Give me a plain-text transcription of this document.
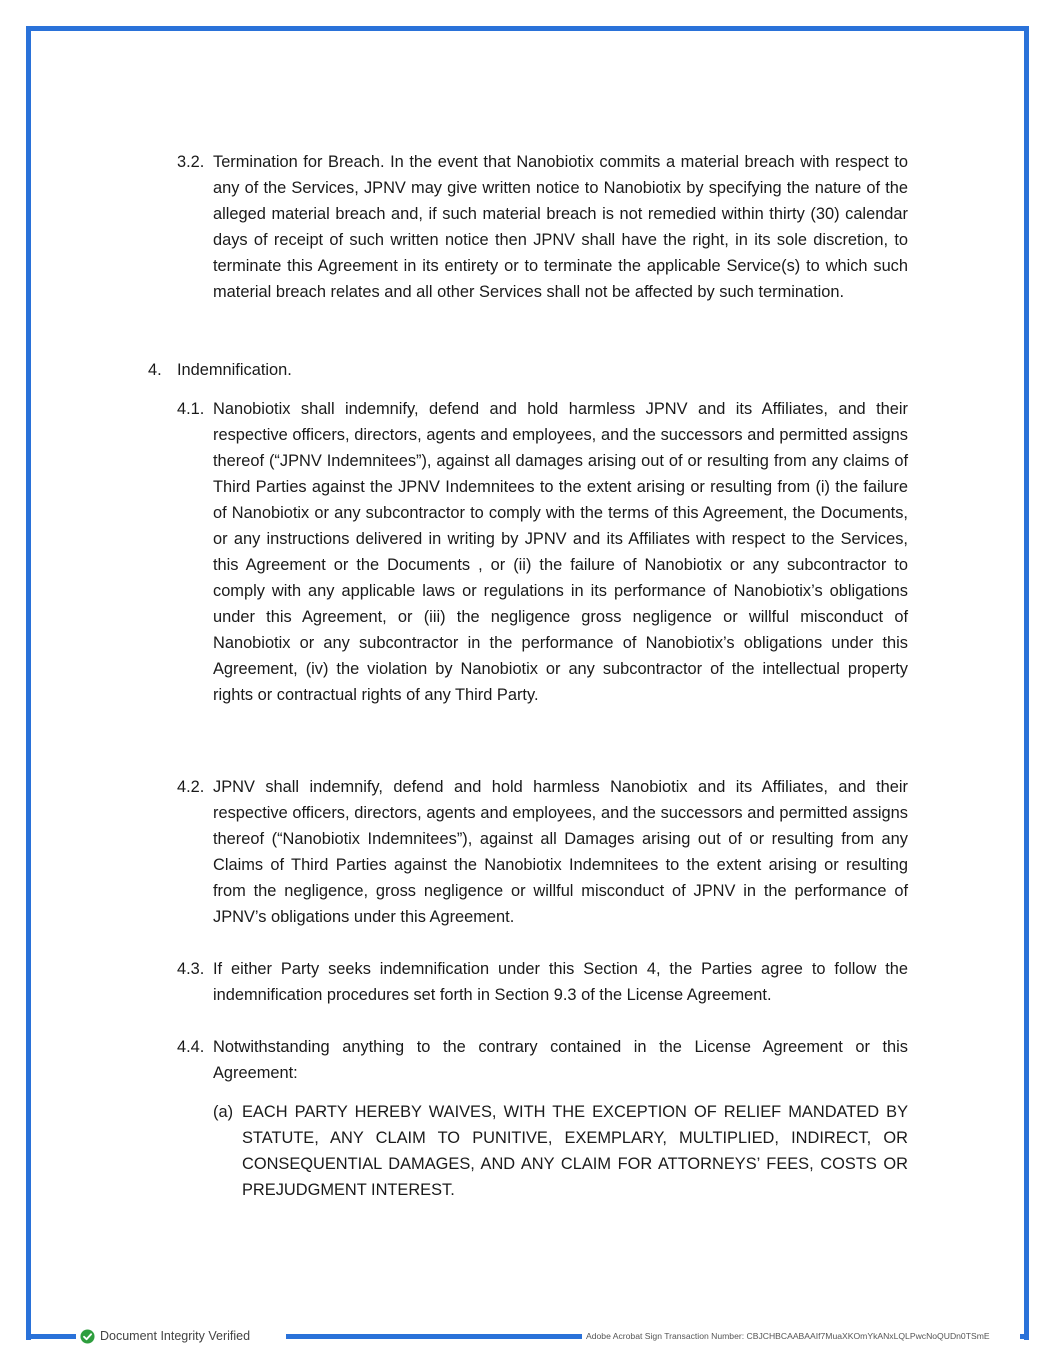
3.2. Termination for Breach. In the event that Nanobiotix commits a material breach with respect to any of the Services, JPNV may give written notice to Nanobiotix by specifying the nature of the alleged material breach and, if such material breach is not remedied within thirty (30) calendar days of receipt of such written notice then JPNV shall have the right, in its sole discretion, to terminate this Agreement in its entirety or to terminate the applicable Service(s) to which such material breach relates and all other Services shall not be affected by such termination.
4. Indemnification.
4.1. Nanobiotix shall indemnify, defend and hold harmless JPNV and its Affiliates, and their respective officers, directors, agents and employees, and the successors and permitted assigns thereof (“JPNV Indemnitees”), against all damages arising out of or resulting from any claims of Third Parties against the JPNV Indemnitees to the extent arising or resulting from (i) the failure of Nanobiotix or any subcontractor to comply with the terms of this Agreement, the Documents, or any instructions delivered in writing by JPNV and its Affiliates with respect to the Services, this Agreement or the Documents , or (ii) the failure of Nanobiotix or any subcontractor to comply with any applicable laws or regulations in its performance of Nanobiotix’s obligations under this Agreement, or (iii) the negligence gross negligence or willful misconduct of Nanobiotix or any subcontractor in the performance of Nanobiotix’s obligations under this Agreement, (iv) the violation by Nanobiotix or any subcontractor of the intellectual property rights or contractual rights of any Third Party.
4.2. JPNV shall indemnify, defend and hold harmless Nanobiotix and its Affiliates, and their respective officers, directors, agents and employees, and the successors and permitted assigns thereof (“Nanobiotix Indemnitees”), against all Damages arising out of or resulting from any Claims of Third Parties against the Nanobiotix Indemnitees to the extent arising or resulting from the negligence, gross negligence or willful misconduct of JPNV in the performance of JPNV’s obligations under this Agreement.
4.3. If either Party seeks indemnification under this Section 4, the Parties agree to follow the indemnification procedures set forth in Section 9.3 of the License Agreement.
4.4. Notwithstanding anything to the contrary contained in the License Agreement or this Agreement:
(a) EACH PARTY HEREBY WAIVES, WITH THE EXCEPTION OF RELIEF MANDATED BY STATUTE, ANY CLAIM TO PUNITIVE, EXEMPLARY, MULTIPLIED, INDIRECT, OR CONSEQUENTIAL DAMAGES, AND ANY CLAIM FOR ATTORNEYS’ FEES, COSTS OR PREJUDGMENT INTEREST.
Document Integrity Verified	Adobe Acrobat Sign Transaction Number: CBJCHBCAABAAIf7MuaXKOmYkANxLQLPwcNoQUDn0TSmE
